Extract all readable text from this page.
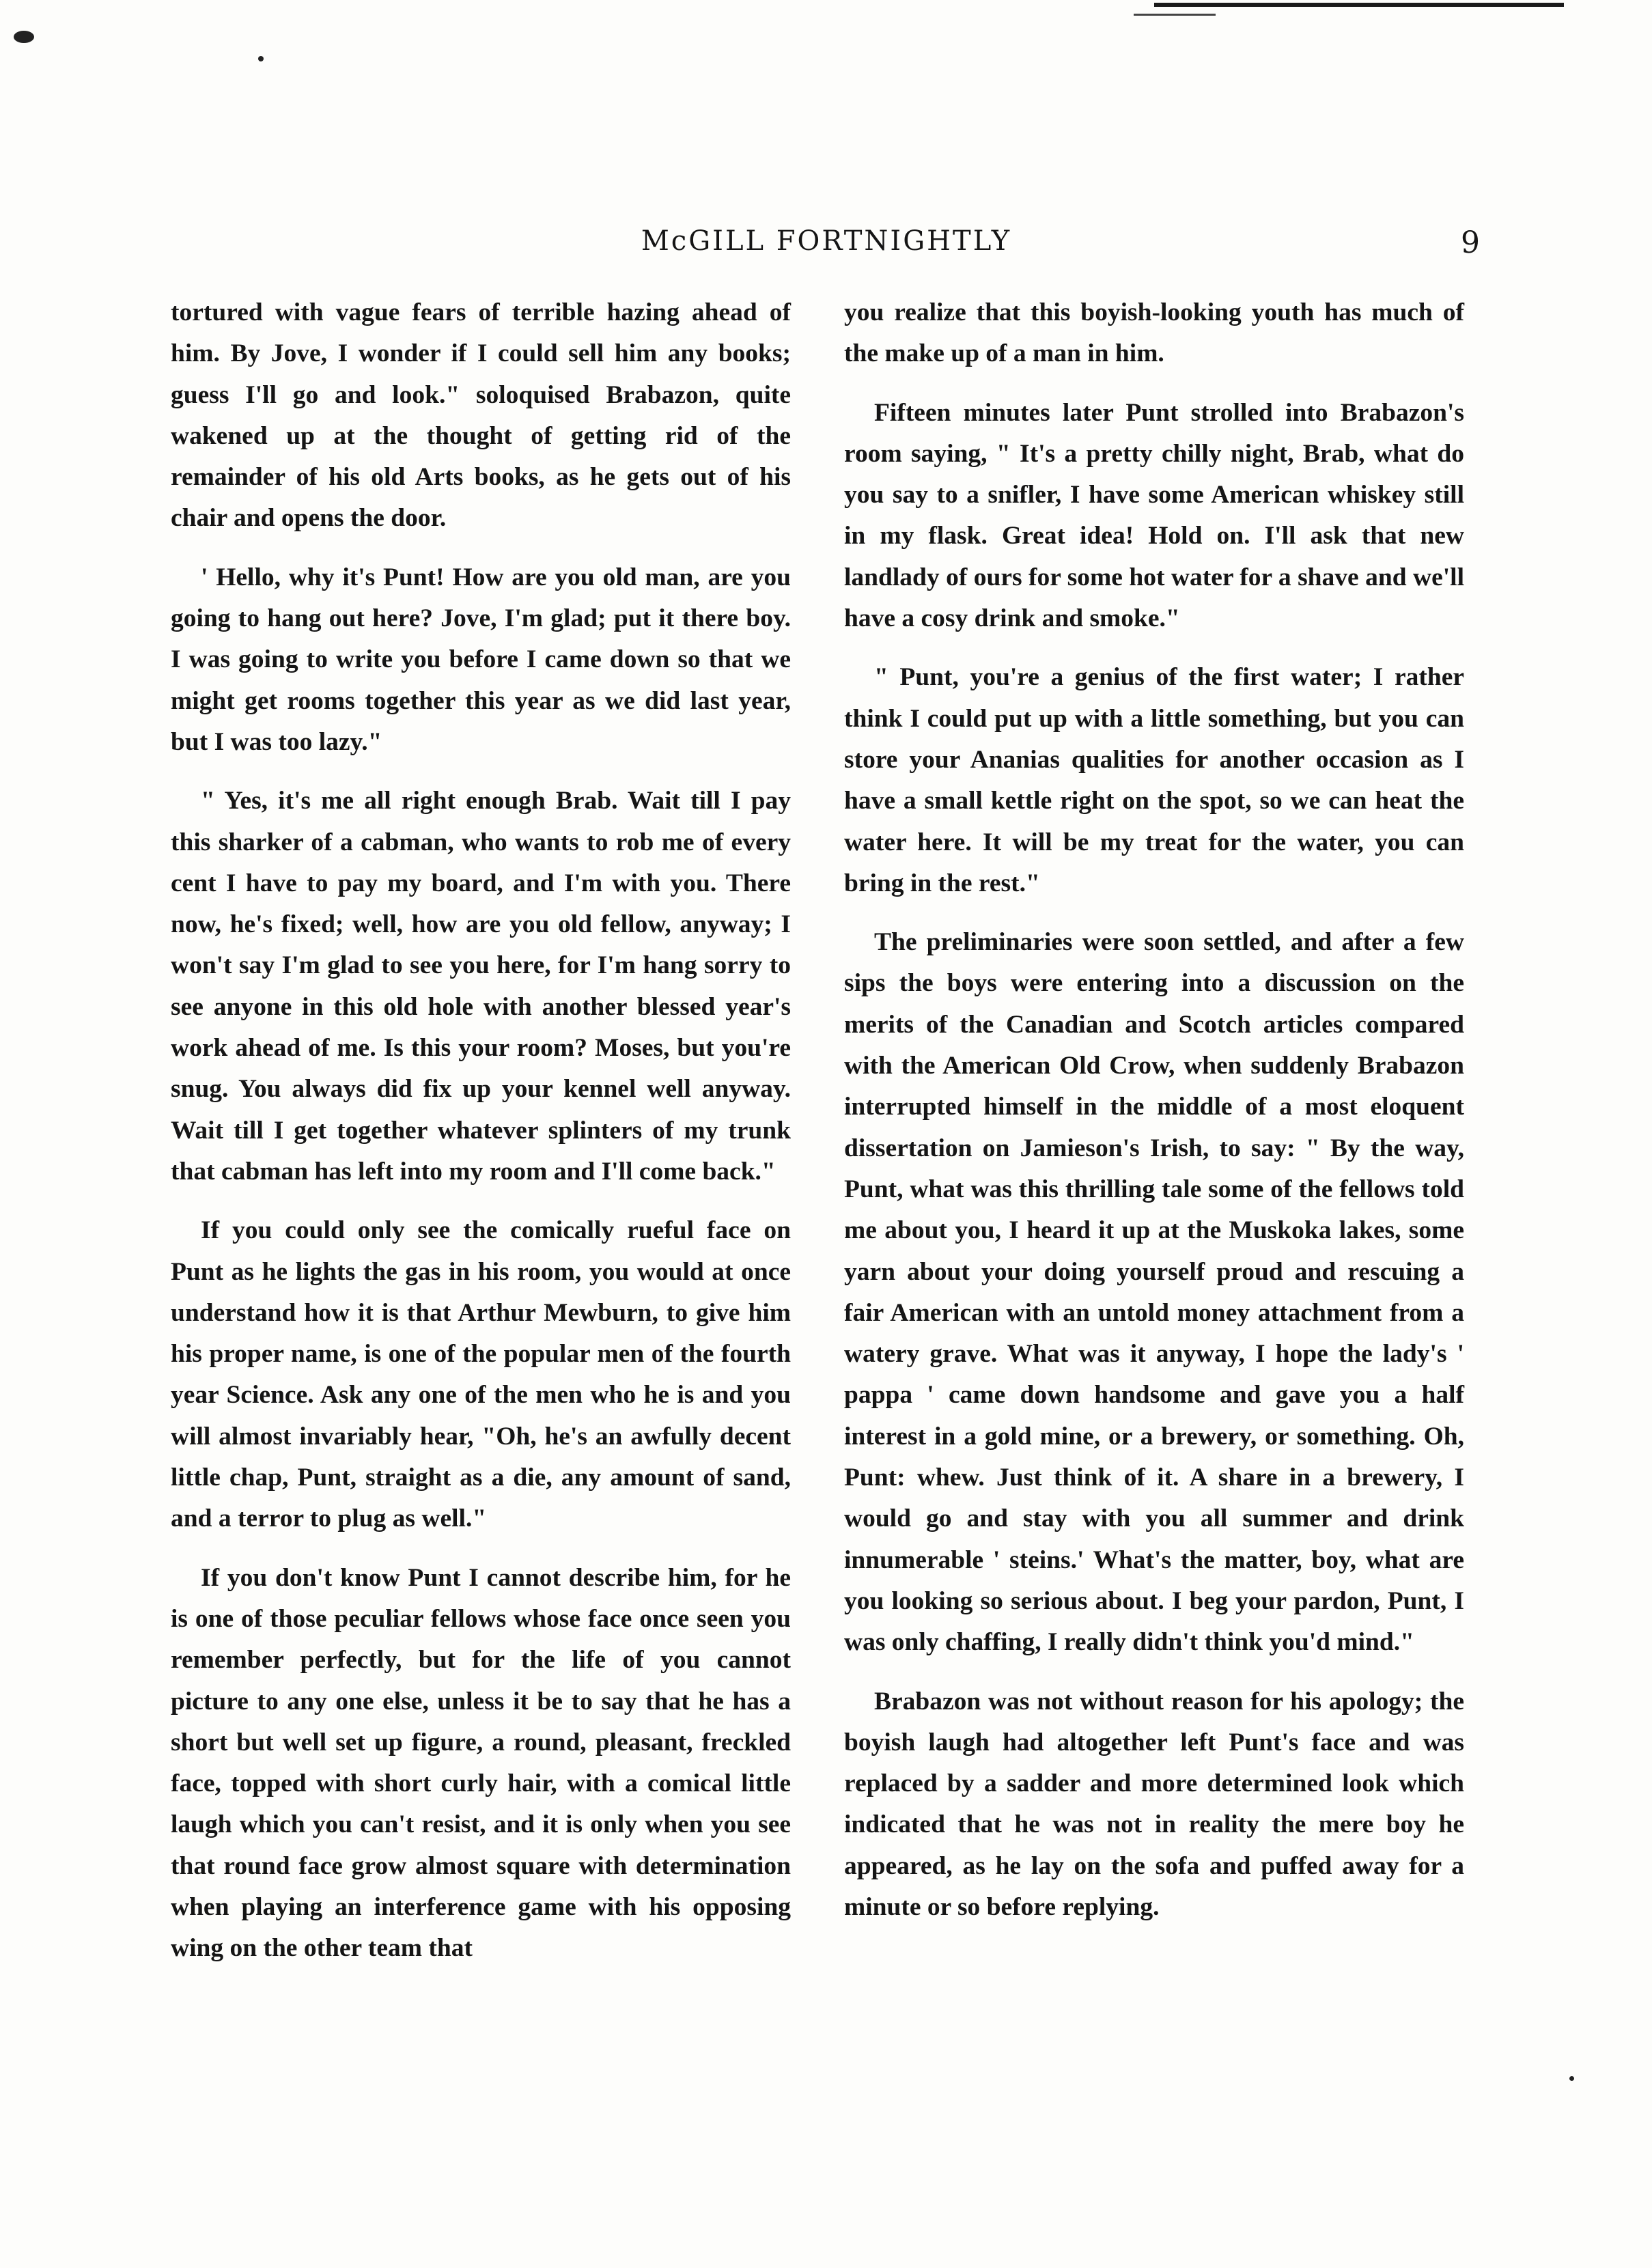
McGILL FORTNIGHTLY	9

tortured with vague fears of terrible hazing ahead of him. By Jove, I wonder if I could sell him any books; guess I'll go and look." soloquised Brabazon, quite wakened up at the thought of getting rid of the remainder of his old Arts books, as he gets out of his chair and opens the door.

' Hello, why it's Punt! How are you old man, are you going to hang out here? Jove, I'm glad; put it there boy. I was going to write you before I came down so that we might get rooms together this year as we did last year, but I was too lazy."

" Yes, it's me all right enough Brab. Wait till I pay this sharker of a cabman, who wants to rob me of every cent I have to pay my board, and I'm with you. There now, he's fixed; well, how are you old fellow, anyway; I won't say I'm glad to see you here, for I'm hang sorry to see anyone in this old hole with another blessed year's work ahead of me. Is this your room? Moses, but you're snug. You always did fix up your kennel well anyway. Wait till I get together whatever splinters of my trunk that cabman has left into my room and I'll come back."

If you could only see the comically rueful face on Punt as he lights the gas in his room, you would at once understand how it is that Arthur Mewburn, to give him his proper name, is one of the popular men of the fourth year Science. Ask any one of the men who he is and you will almost invariably hear, "Oh, he's an awfully decent little chap, Punt, straight as a die, any amount of sand, and a terror to plug as well."

If you don't know Punt I cannot describe him, for he is one of those peculiar fellows whose face once seen you remember perfectly, but for the life of you cannot picture to any one else, unless it be to say that he has a short but well set up figure, a round, pleasant, freckled face, topped with short curly hair, with a comical little laugh which you can't resist, and it is only when you see that round face grow almost square with determination when playing an interference game with his opposing wing on the other team that

you realize that this boyish-looking youth has much of the make up of a man in him.

Fifteen minutes later Punt strolled into Brabazon's room saying, " It's a pretty chilly night, Brab, what do you say to a snifler, I have some American whiskey still in my flask. Great idea! Hold on. I'll ask that new landlady of ours for some hot water for a shave and we'll have a cosy drink and smoke."

" Punt, you're a genius of the first water; I rather think I could put up with a little something, but you can store your Ananias qualities for another occasion as I have a small kettle right on the spot, so we can heat the water here. It will be my treat for the water, you can bring in the rest."

The preliminaries were soon settled, and after a few sips the boys were entering into a discussion on the merits of the Canadian and Scotch articles compared with the American Old Crow, when suddenly Brabazon interrupted himself in the middle of a most eloquent dissertation on Jamieson's Irish, to say: " By the way, Punt, what was this thrilling tale some of the fellows told me about you, I heard it up at the Muskoka lakes, some yarn about your doing yourself proud and rescuing a fair American with an untold money attachment from a watery grave. What was it anyway, I hope the lady's ' pappa ' came down handsome and gave you a half interest in a gold mine, or a brewery, or something. Oh, Punt: whew. Just think of it. A share in a brewery, I would go and stay with you all summer and drink innumerable ' steins.' What's the matter, boy, what are you looking so serious about. I beg your pardon, Punt, I was only chaffing, I really didn't think you'd mind."

Brabazon was not without reason for his apology; the boyish laugh had altogether left Punt's face and was replaced by a sadder and more determined look which indicated that he was not in reality the mere boy he appeared, as he lay on the sofa and puffed away for a minute or so before replying.
